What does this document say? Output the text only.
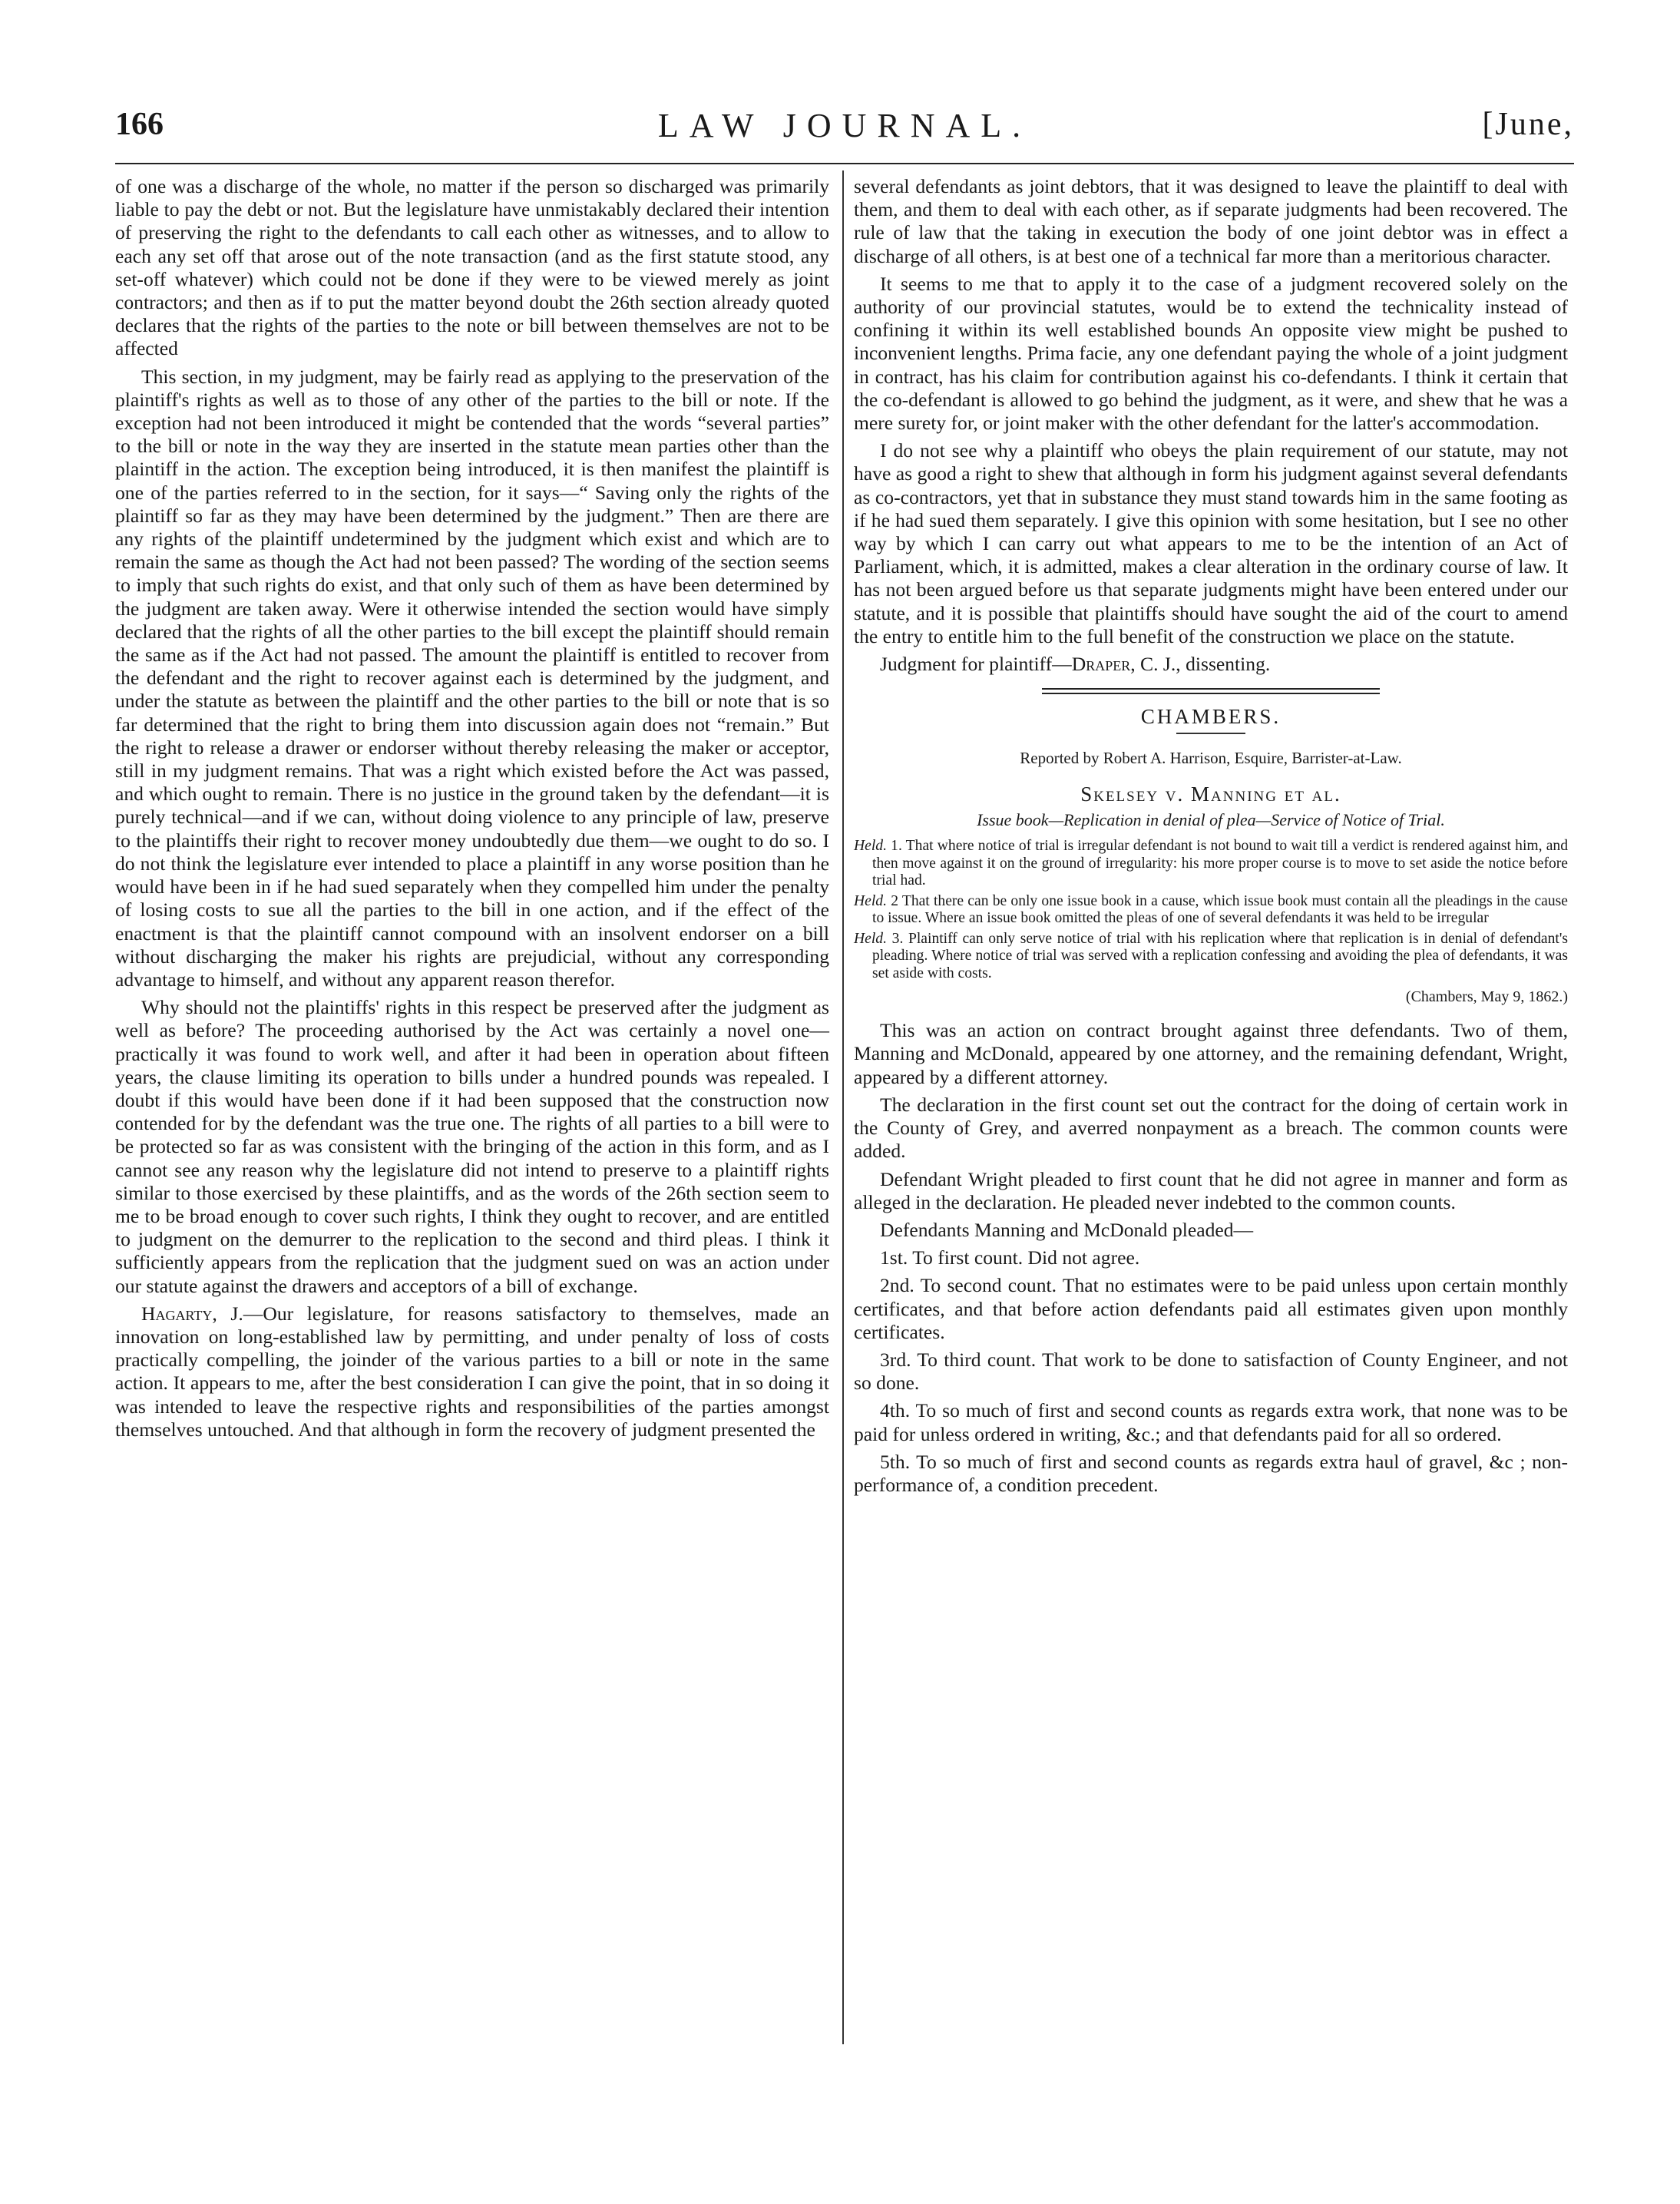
166	LAW JOURNAL.	[June,

of one was a discharge of the whole, no matter if the person so discharged was primarily liable to pay the debt or not. But the legislature have unmistakably declared their intention of preserving the right to the defendants to call each other as witnesses, and to allow to each any set off that arose out of the note transaction (and as the first statute stood, any set-off whatever) which could not be done if they were to be viewed merely as joint contractors; and then as if to put the matter beyond doubt the 26th section already quoted declares that the rights of the parties to the note or bill between themselves are not to be affected

This section, in my judgment, may be fairly read as applying to the preservation of the plaintiff's rights as well as to those of any other of the parties to the bill or note. If the exception had not been introduced it might be contended that the words “several parties” to the bill or note in the way they are inserted in the statute mean parties other than the plaintiff in the action. The exception being introduced, it is then manifest the plaintiff is one of the parties referred to in the section, for it says—“ Saving only the rights of the plaintiff so far as they may have been determined by the judgment.” Then are there are any rights of the plaintiff undetermined by the judgment which exist and which are to remain the same as though the Act had not been passed? The wording of the section seems to imply that such rights do exist, and that only such of them as have been determined by the judgment are taken away. Were it otherwise intended the section would have simply declared that the rights of all the other parties to the bill except the plaintiff should remain the same as if the Act had not passed. The amount the plaintiff is entitled to recover from the defendant and the right to recover against each is determined by the judgment, and under the statute as between the plaintiff and the other parties to the bill or note that is so far determined that the right to bring them into discussion again does not “remain.” But the right to release a drawer or endorser without thereby releasing the maker or acceptor, still in my judgment remains. That was a right which existed before the Act was passed, and which ought to remain. There is no justice in the ground taken by the defendant—it is purely technical—and if we can, without doing violence to any principle of law, preserve to the plaintiffs their right to recover money undoubtedly due them—we ought to do so. I do not think the legislature ever intended to place a plaintiff in any worse position than he would have been in if he had sued separately when they compelled him under the penalty of losing costs to sue all the parties to the bill in one action, and if the effect of the enactment is that the plaintiff cannot compound with an insolvent endorser on a bill without discharging the maker his rights are prejudicial, without any corresponding advantage to himself, and without any apparent reason therefor.

Why should not the plaintiffs' rights in this respect be preserved after the judgment as well as before? The proceeding authorised by the Act was certainly a novel one—practically it was found to work well, and after it had been in operation about fifteen years, the clause limiting its operation to bills under a hundred pounds was repealed. I doubt if this would have been done if it had been supposed that the construction now contended for by the defendant was the true one. The rights of all parties to a bill were to be protected so far as was consistent with the bringing of the action in this form, and as I cannot see any reason why the legislature did not intend to preserve to a plaintiff rights similar to those exercised by these plaintiffs, and as the words of the 26th section seem to me to be broad enough to cover such rights, I think they ought to recover, and are entitled to judgment on the demurrer to the replication to the second and third pleas. I think it sufficiently appears from the replication that the judgment sued on was an action under our statute against the drawers and acceptors of a bill of exchange.

Hagarty, J.—Our legislature, for reasons satisfactory to themselves, made an innovation on long-established law by permitting, and under penalty of loss of costs practically compelling, the joinder of the various parties to a bill or note in the same action. It appears to me, after the best consideration I can give the point, that in so doing it was intended to leave the respective rights and responsibilities of the parties amongst themselves untouched. And that although in form the recovery of judgment presented the

several defendants as joint debtors, that it was designed to leave the plaintiff to deal with them, and them to deal with each other, as if separate judgments had been recovered. The rule of law that the taking in execution the body of one joint debtor was in effect a discharge of all others, is at best one of a technical far more than a meritorious character.

It seems to me that to apply it to the case of a judgment recovered solely on the authority of our provincial statutes, would be to extend the technicality instead of confining it within its well established bounds An opposite view might be pushed to inconvenient lengths. Prima facie, any one defendant paying the whole of a joint judgment in contract, has his claim for contribution against his co-defendants. I think it certain that the co-defendant is allowed to go behind the judgment, as it were, and shew that he was a mere surety for, or joint maker with the other defendant for the latter's accommodation.

I do not see why a plaintiff who obeys the plain requirement of our statute, may not have as good a right to shew that although in form his judgment against several defendants as co-contractors, yet that in substance they must stand towards him in the same footing as if he had sued them separately. I give this opinion with some hesitation, but I see no other way by which I can carry out what appears to me to be the intention of an Act of Parliament, which, it is admitted, makes a clear alteration in the ordinary course of law. It has not been argued before us that separate judgments might have been entered under our statute, and it is possible that plaintiffs should have sought the aid of the court to amend the entry to entitle him to the full benefit of the construction we place on the statute.

Judgment for plaintiff—Draper, C. J., dissenting.

CHAMBERS.
Reported by Robert A. Harrison, Esquire, Barrister-at-Law.
Skelsey v. Manning et al.
Issue book—Replication in denial of plea—Service of Notice of Trial.
Held. 1. That where notice of trial is irregular defendant is not bound to wait till a verdict is rendered against him, and then move against it on the ground of irregularity: his more proper course is to move to set aside the notice before trial had.
Held. 2 That there can be only one issue book in a cause, which issue book must contain all the pleadings in the cause to issue. Where an issue book omitted the pleas of one of several defendants it was held to be irregular
Held. 3. Plaintiff can only serve notice of trial with his replication where that replication is in denial of defendant's pleading. Where notice of trial was served with a replication confessing and avoiding the plea of defendants, it was set aside with costs.
(Chambers, May 9, 1862.)

This was an action on contract brought against three defendants. Two of them, Manning and McDonald, appeared by one attorney, and the remaining defendant, Wright, appeared by a different attorney.

The declaration in the first count set out the contract for the doing of certain work in the County of Grey, and averred nonpayment as a breach. The common counts were added.

Defendant Wright pleaded to first count that he did not agree in manner and form as alleged in the declaration. He pleaded never indebted to the common counts.

Defendants Manning and McDonald pleaded—

1st. To first count. Did not agree.

2nd. To second count. That no estimates were to be paid unless upon certain monthly certificates, and that before action defendants paid all estimates given upon monthly certificates.

3rd. To third count. That work to be done to satisfaction of County Engineer, and not so done.

4th. To so much of first and second counts as regards extra work, that none was to be paid for unless ordered in writing, &c.; and that defendants paid for all so ordered.

5th. To so much of first and second counts as regards extra haul of gravel, &c ; non-performance of, a condition precedent.
